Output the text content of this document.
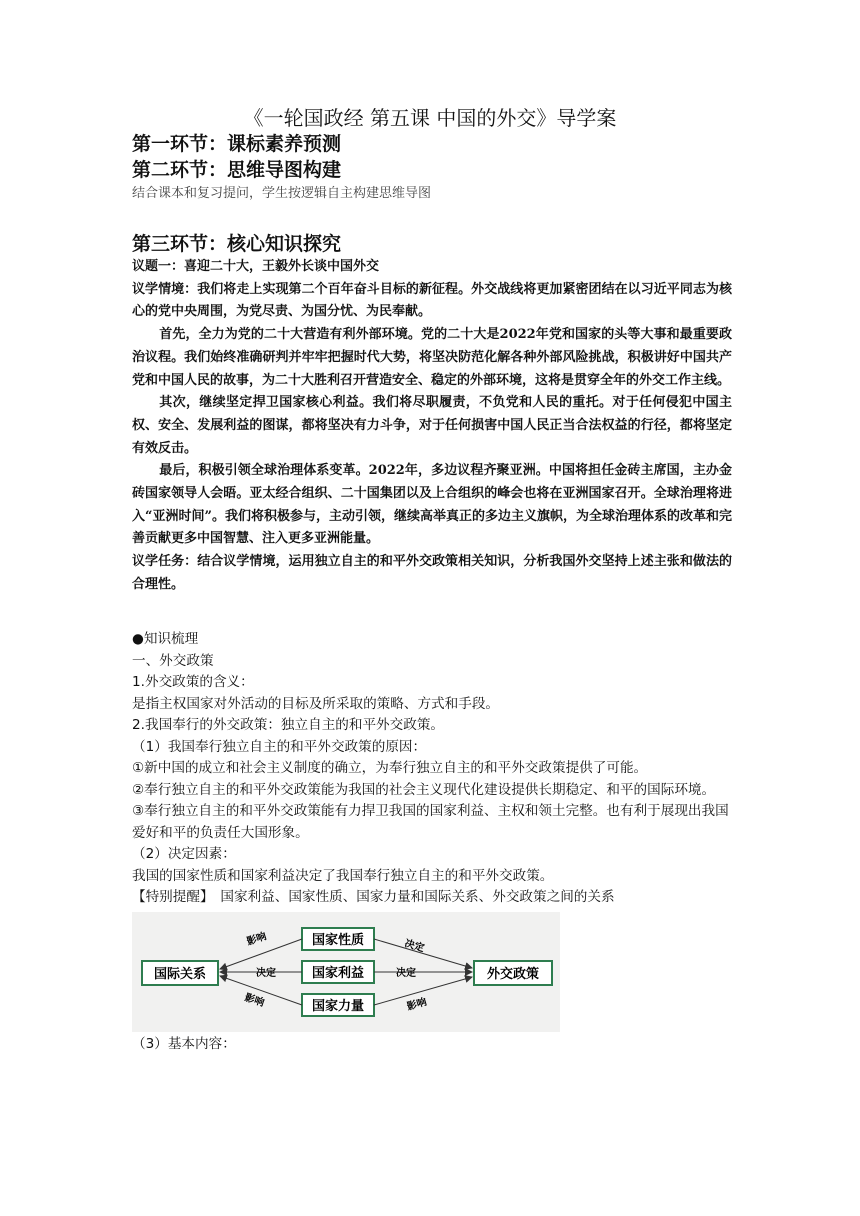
《一轮国政经 第五课 中国的外交》导学案
第一环节：课标素养预测
第二环节：思维导图构建
结合课本和复习提问，学生按逻辑自主构建思维导图
第三环节：核心知识探究

议题一：喜迎二十大，王毅外长谈中国外交

议学情境：我们将走上实现第二个百年奋斗目标的新征程。外交战线将更加紧密团结在以习近平同志为核心的党中央周围，为党尽责、为国分忧、为民奉献。

首先，全力为党的二十大营造有利外部环境。党的二十大是2022年党和国家的头等大事和最重要政治议程。我们始终准确研判并牢牢把握时代大势，将坚决防范化解各种外部风险挑战，积极讲好中国共产党和中国人民的故事，为二十大胜利召开营造安全、稳定的外部环境，这将是贯穿全年的外交工作主线。

其次，继续坚定捍卫国家核心利益。我们将尽职履责，不负党和人民的重托。对于任何侵犯中国主权、安全、发展利益的图谋，都将坚决有力斗争，对于任何损害中国人民正当合法权益的行径，都将坚定有效反击。

最后，积极引领全球治理体系变革。2022年，多边议程齐聚亚洲。中国将担任金砖主席国，主办金砖国家领导人会晤。亚太经合组织、二十国集团以及上合组织的峰会也将在亚洲国家召开。全球治理将进入“亚洲时间”。我们将积极参与，主动引领，继续高举真正的多边主义旗帜，为全球治理体系的改革和完善贡献更多中国智慧、注入更多亚洲能量。

议学任务：结合议学情境，运用独立自主的和平外交政策相关知识，分析我国外交坚持上述主张和做法的合理性。

●知识梳理

一、外交政策

1.外交政策的含义：

是指主权国家对外活动的目标及所采取的策略、方式和手段。

2.我国奉行的外交政策：独立自主的和平外交政策。

（1）我国奉行独立自主的和平外交政策的原因：

①新中国的成立和社会主义制度的确立，为奉行独立自主的和平外交政策提供了可能。

②奉行独立自主的和平外交政策能为我国的社会主义现代化建设提供长期稳定、和平的国际环境。

③奉行独立自主的和平外交政策能有力捍卫我国的国家利益、主权和领土完整。也有利于展现出我国爱好和平的负责任大国形象。

（2）决定因素：

我国的国家性质和国家利益决定了我国奉行独立自主的和平外交政策。

【特别提醒】　国家利益、国家性质、国家力量和国际关系、外交政策之间的关系

国际关系
国家性质
国家利益
国家力量
外交政策
影响	决定
决定	决定
影响	影响

（3）基本内容：
